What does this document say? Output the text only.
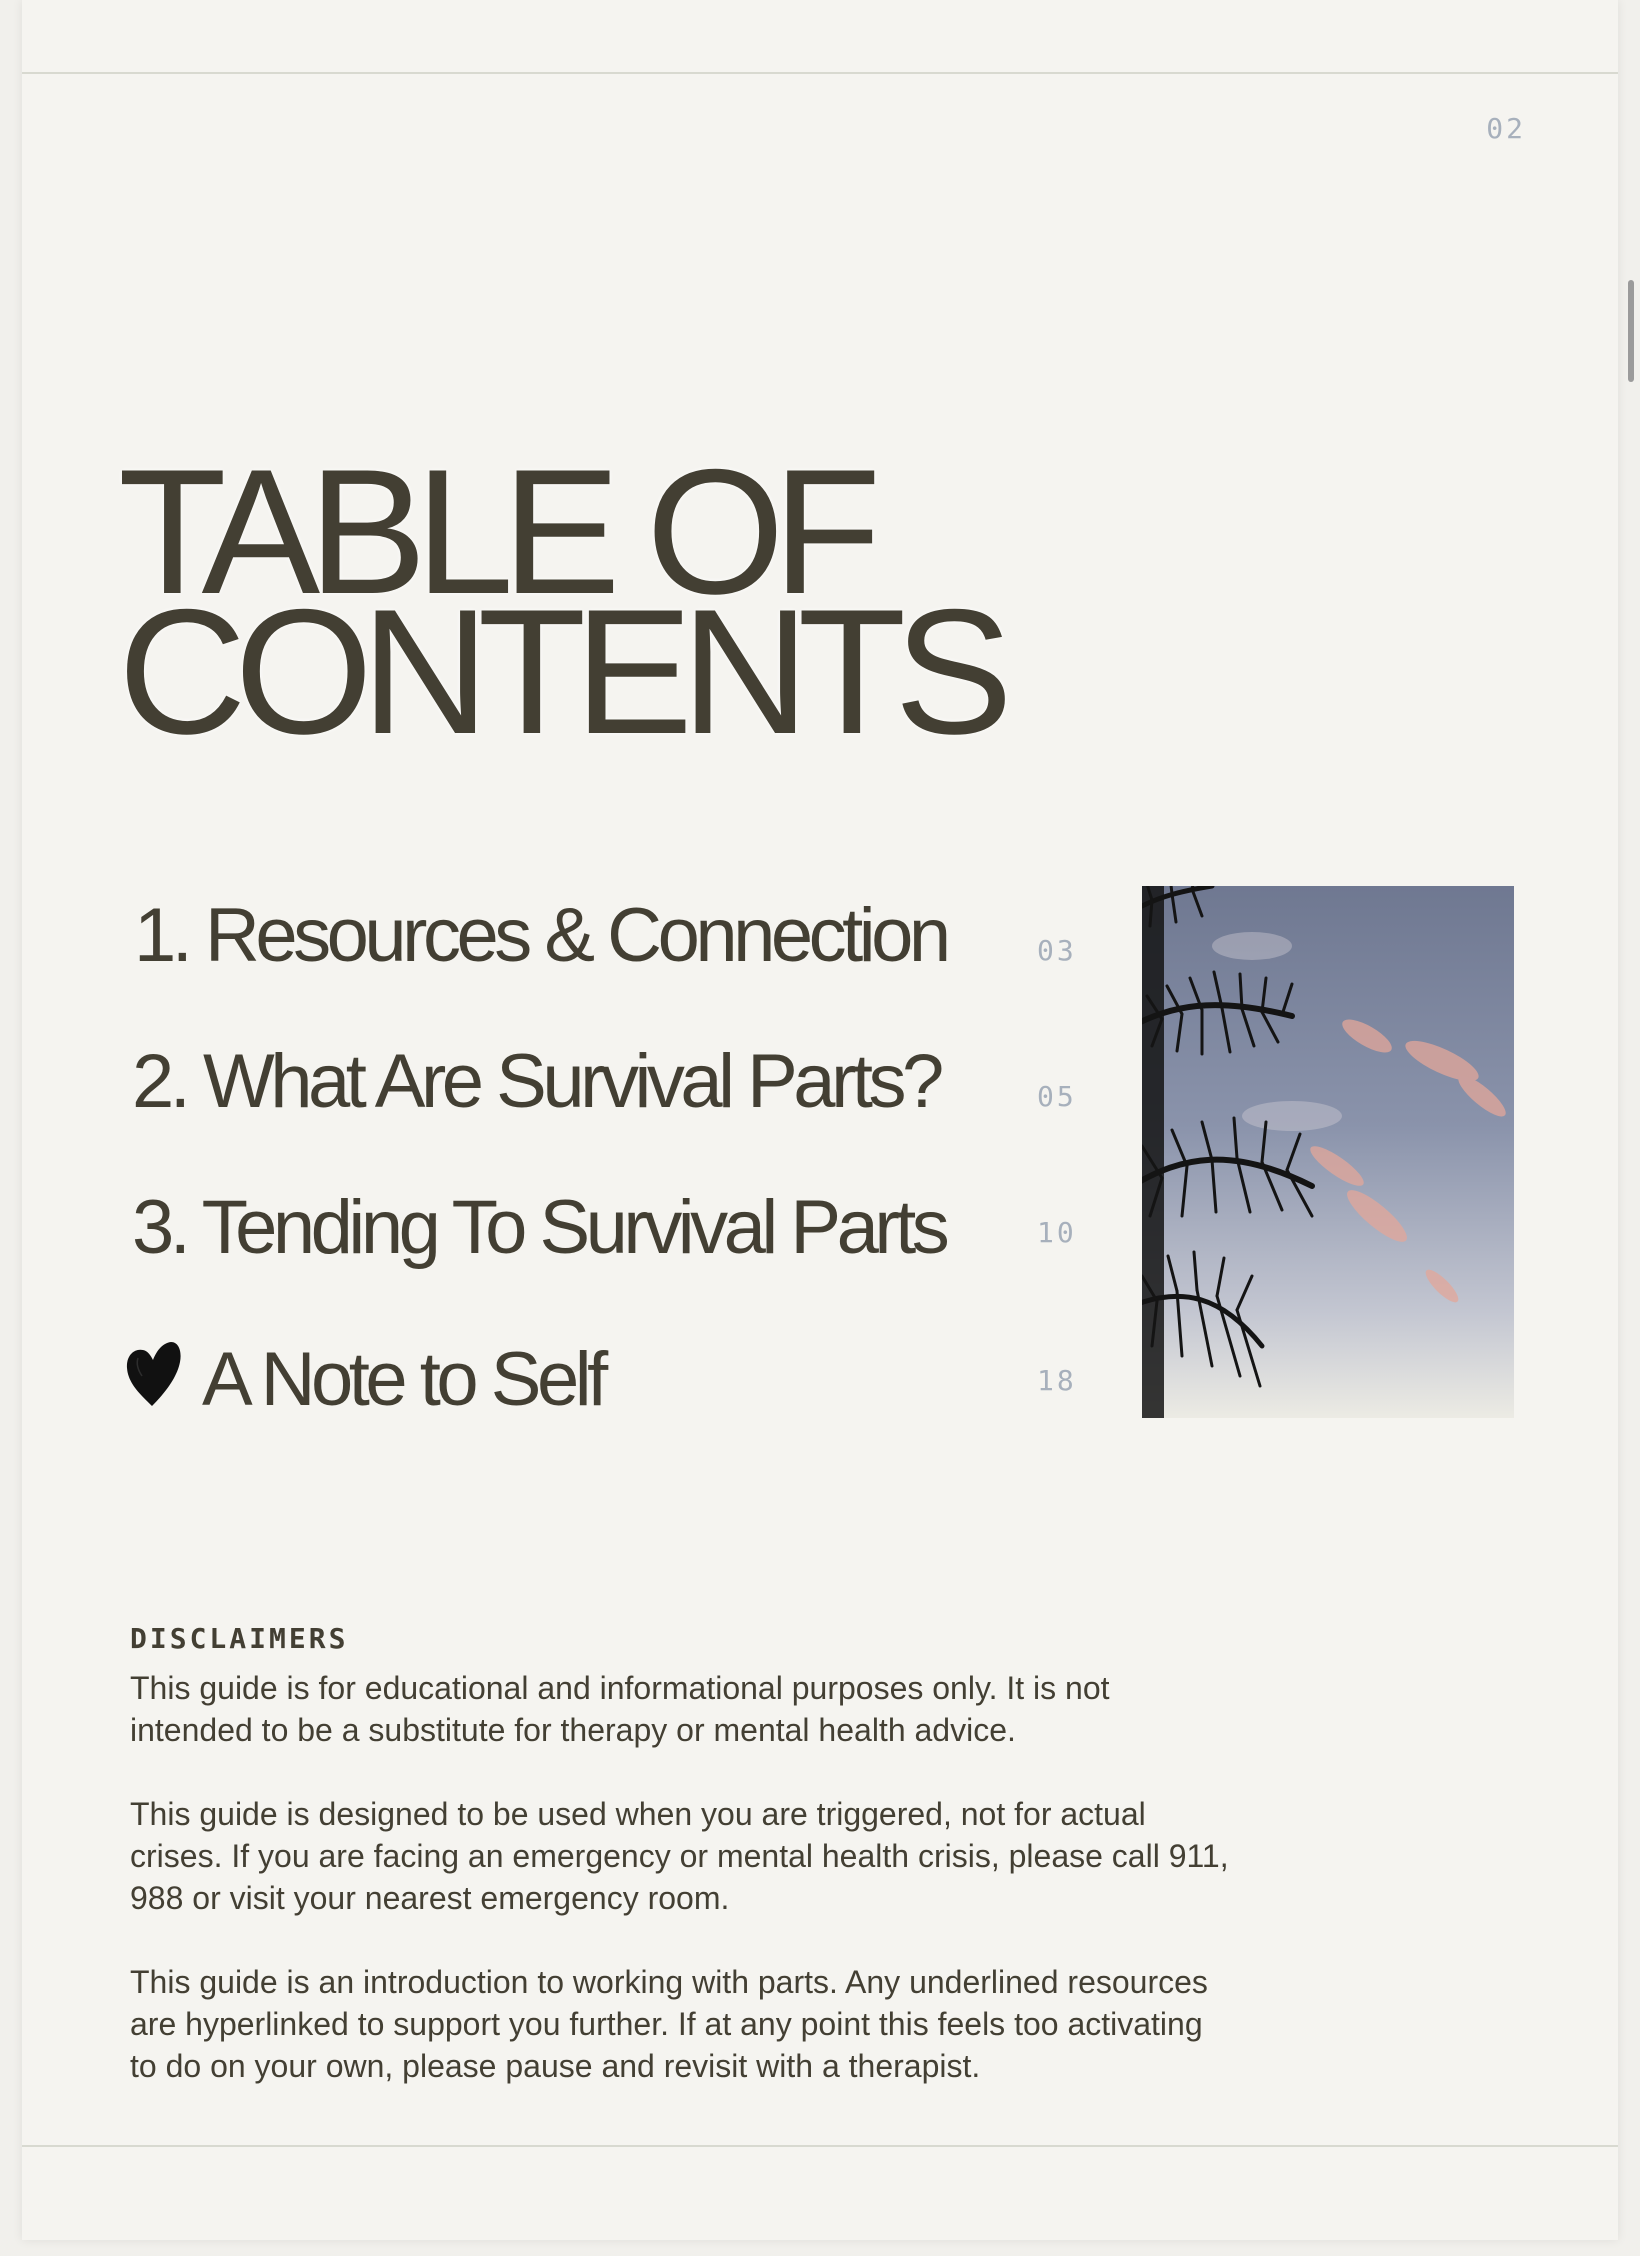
02
TABLE OF
CONTENTS
1. Resources & Connection	03
2. What Are Survival Parts?	05
3. Tending To Survival Parts	10
A Note to Self	18
DISCLAIMERS

This guide is for educational and informational purposes only. It is not intended to be a substitute for therapy or mental health advice.

This guide is designed to be used when you are triggered, not for actual crises. If you are facing an emergency or mental health crisis, please call 911, 988 or visit your nearest emergency room.

This guide is an introduction to working with parts. Any underlined resources are hyperlinked to support you further. If at any point this feels too activating to do on your own, please pause and revisit with a therapist.
